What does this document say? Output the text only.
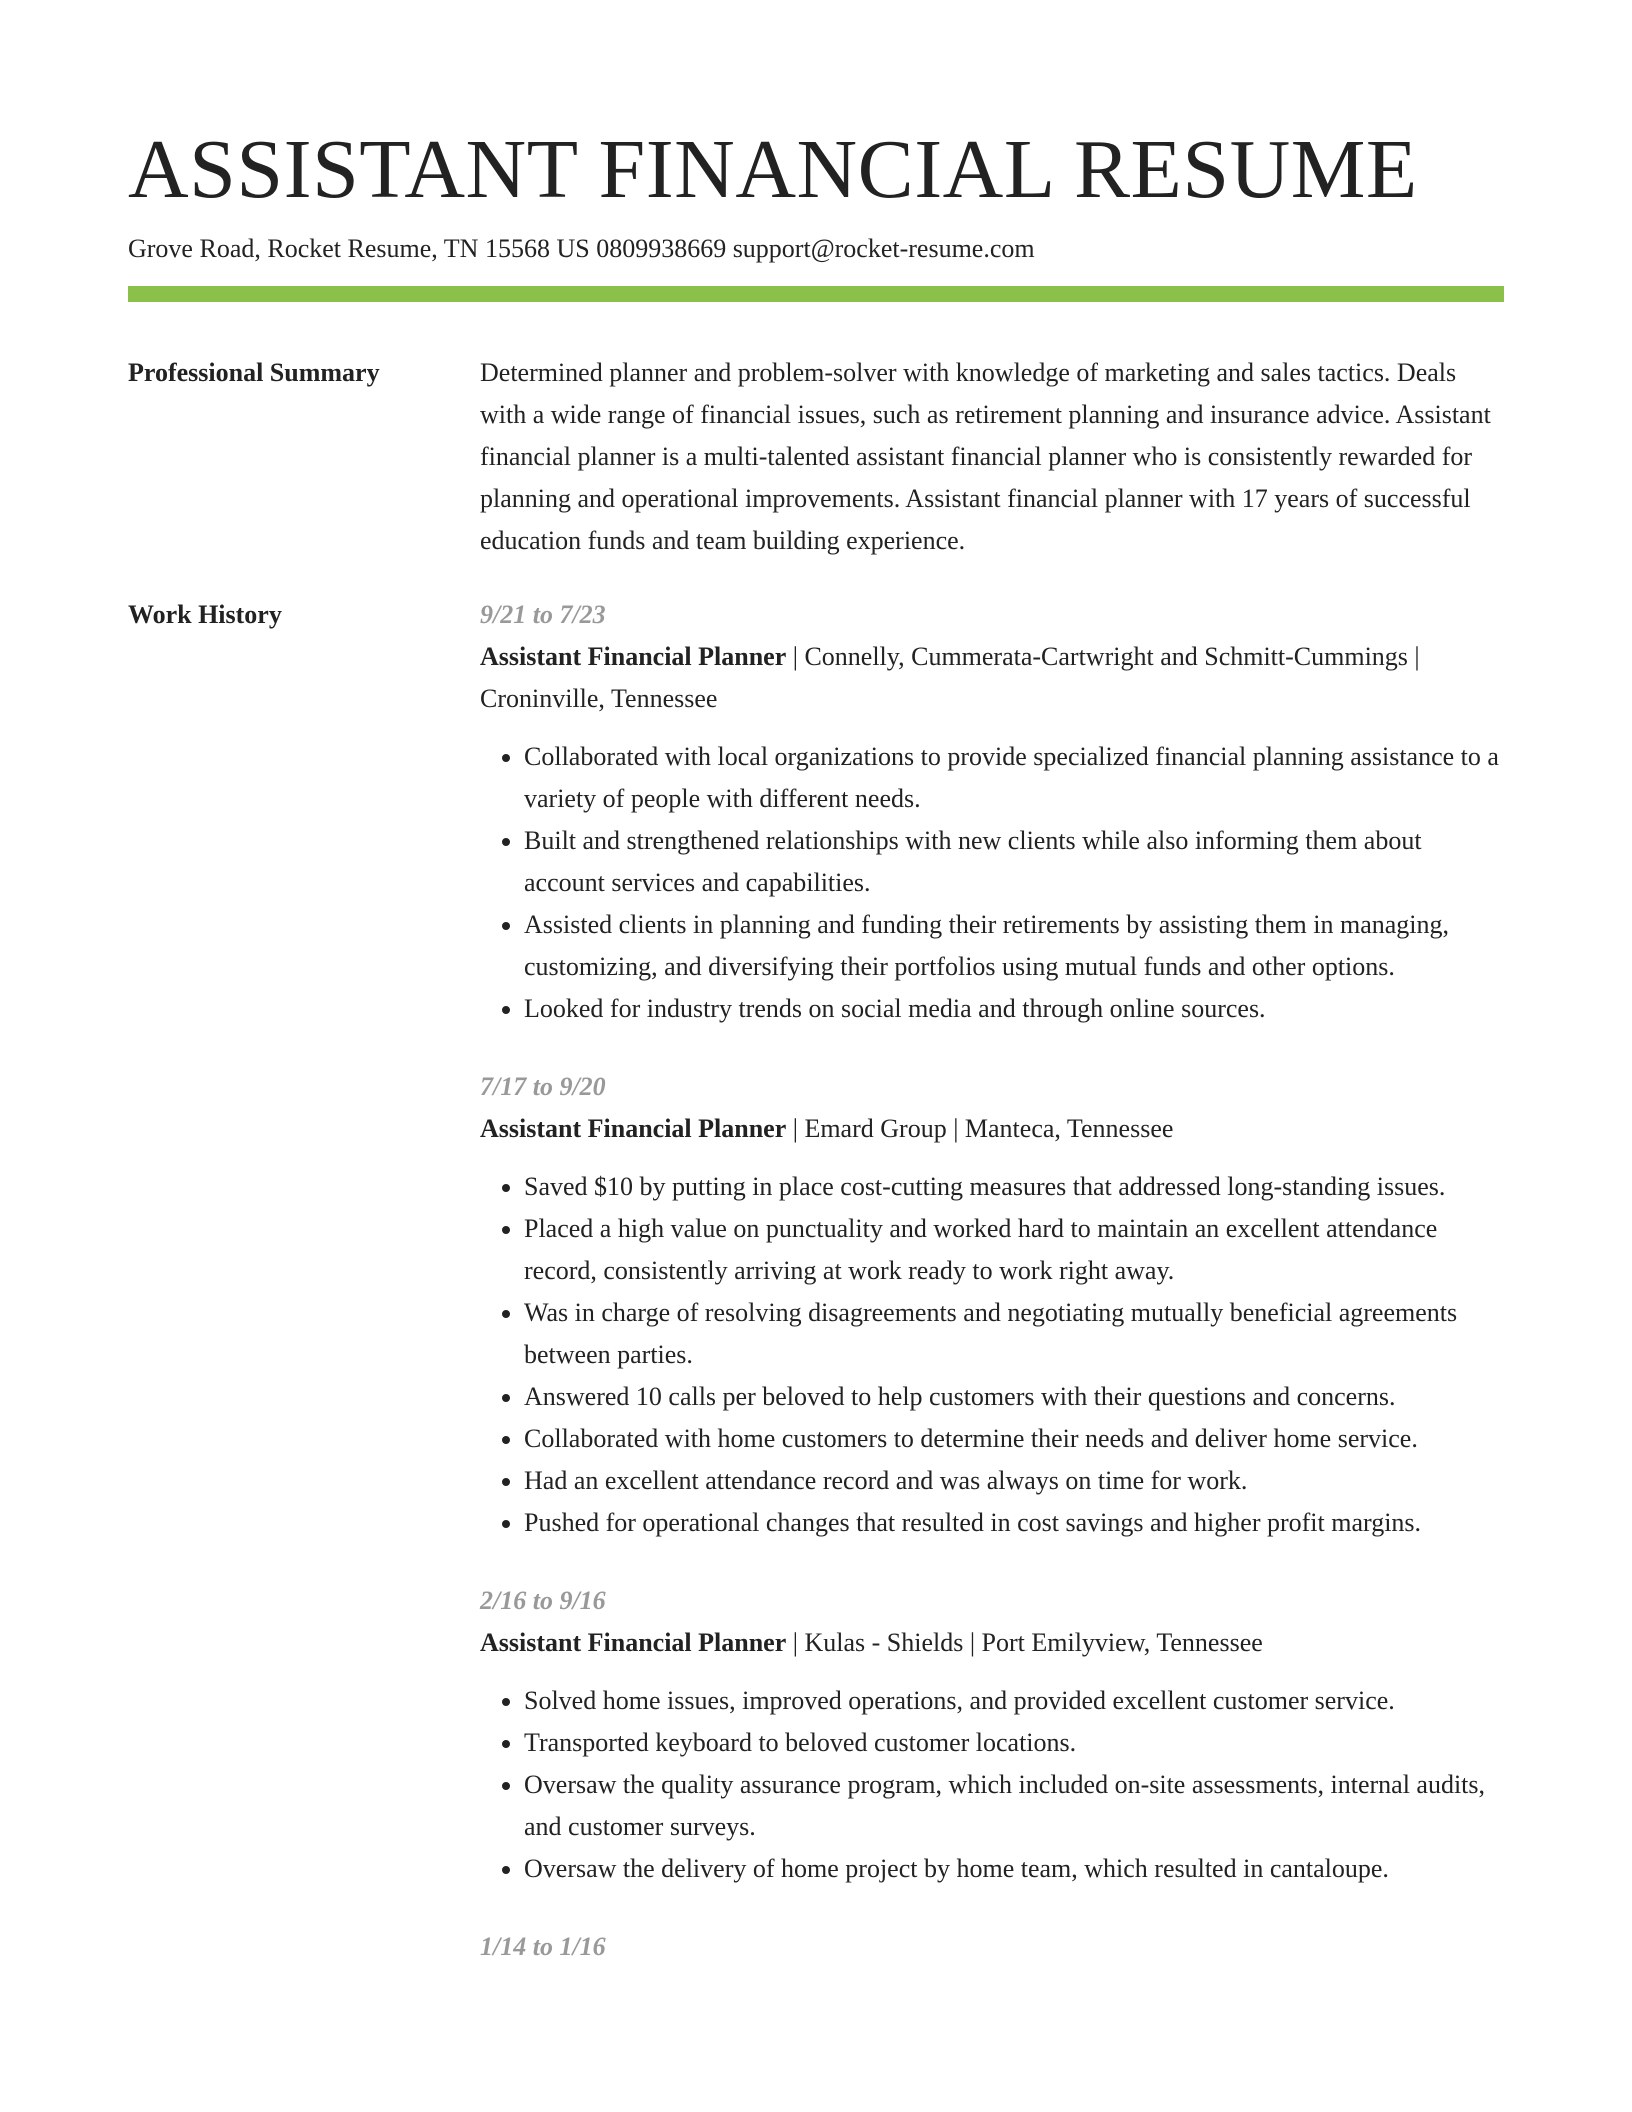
ASSISTANT FINANCIAL RESUME
Grove Road, Rocket Resume, TN 15568 US 0809938669 support@rocket-resume.com
Professional Summary	Determined planner and problem-solver with knowledge of marketing and sales tactics. Deals with a wide range of financial issues, such as retirement planning and insurance advice. Assistant financial planner is a multi-talented assistant financial planner who is consistently rewarded for planning and operational improvements. Assistant financial planner with 17 years of successful education funds and team building experience.
Work History	9/21 to 7/23
Assistant Financial Planner | Connelly, Cummerata-Cartwright and Schmitt-Cummings | Croninville, Tennessee
• Collaborated with local organizations to provide specialized financial planning assistance to a variety of people with different needs.
• Built and strengthened relationships with new clients while also informing them about account services and capabilities.
• Assisted clients in planning and funding their retirements by assisting them in managing, customizing, and diversifying their portfolios using mutual funds and other options.
• Looked for industry trends on social media and through online sources.
7/17 to 9/20
Assistant Financial Planner | Emard Group | Manteca, Tennessee
• Saved $10 by putting in place cost-cutting measures that addressed long-standing issues.
• Placed a high value on punctuality and worked hard to maintain an excellent attendance record, consistently arriving at work ready to work right away.
• Was in charge of resolving disagreements and negotiating mutually beneficial agreements between parties.
• Answered 10 calls per beloved to help customers with their questions and concerns.
• Collaborated with home customers to determine their needs and deliver home service.
• Had an excellent attendance record and was always on time for work.
• Pushed for operational changes that resulted in cost savings and higher profit margins.
2/16 to 9/16
Assistant Financial Planner | Kulas - Shields | Port Emilyview, Tennessee
• Solved home issues, improved operations, and provided excellent customer service.
• Transported keyboard to beloved customer locations.
• Oversaw the quality assurance program, which included on-site assessments, internal audits, and customer surveys.
• Oversaw the delivery of home project by home team, which resulted in cantaloupe.
1/14 to 1/16
